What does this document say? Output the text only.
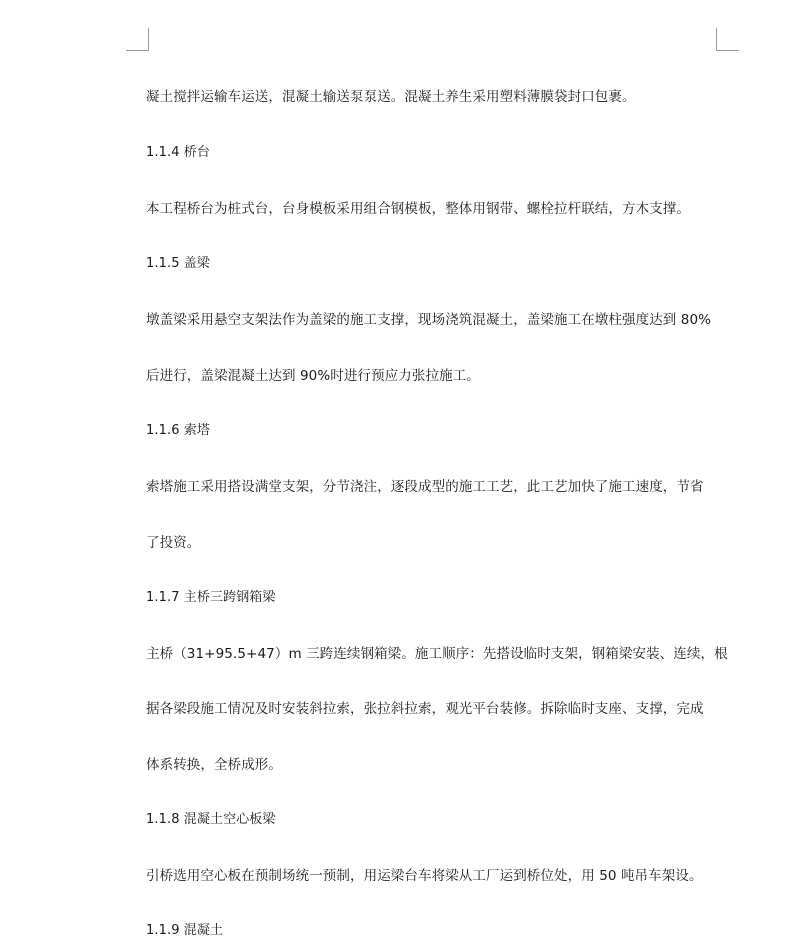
凝土搅拌运输车运送，混凝土输送泵泵送。混凝土养生采用塑料薄膜袋封口包裹。
1.1.4 桥台
本工程桥台为桩式台，台身模板采用组合钢模板，整体用钢带、螺栓拉杆联结，方木支撑。
1.1.5 盖梁
墩盖梁采用悬空支架法作为盖梁的施工支撑，现场浇筑混凝土，盖梁施工在墩柱强度达到 80%
后进行，盖梁混凝土达到 90%时进行预应力张拉施工。
1.1.6 索塔
索塔施工采用搭设满堂支架，分节浇注，逐段成型的施工工艺，此工艺加快了施工速度，节省
了投资。
1.1.7 主桥三跨钢箱梁
主桥（31+95.5+47）m 三跨连续钢箱梁。施工顺序：先搭设临时支架，钢箱梁安装、连续，根
据各梁段施工情况及时安装斜拉索，张拉斜拉索，观光平台装修。拆除临时支座、支撑，完成
体系转换，全桥成形。
1.1.8 混凝土空心板梁
引桥选用空心板在预制场统一预制，用运梁台车将梁从工厂运到桥位处，用 50 吨吊车架设。
1.1.9 混凝土
